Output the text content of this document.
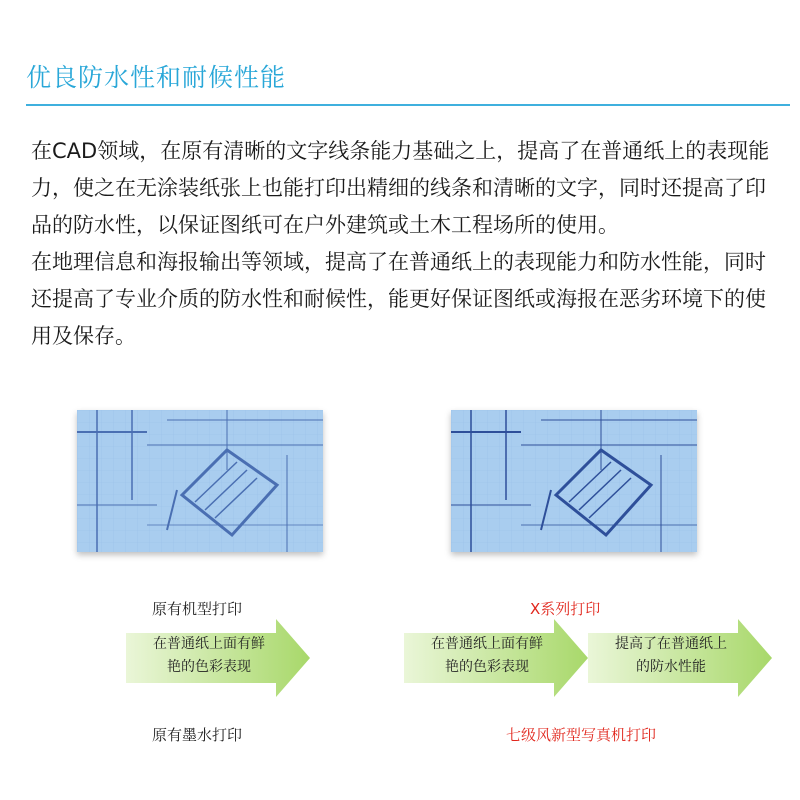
优良防水性和耐候性能

在CAD领域，在原有清晰的文字线条能力基础之上，提高了在普通纸上的表现能力，使之在无涂装纸张上也能打印出精细的线条和清晰的文字，同时还提高了印品的防水性，以保证图纸可在户外建筑或土木工程场所的使用。

在地理信息和海报输出等领域，提高了在普通纸上的表现能力和防水性能，同时还提高了专业介质的防水性和耐候性，能更好保证图纸或海报在恶劣环境下的使用及保存。

原有机型打印
在普通纸上面有鲜
艳的色彩表现
原有墨水打印
X系列打印
在普通纸上面有鲜
艳的色彩表现
提高了在普通纸上
的防水性能
七级风新型写真机打印
